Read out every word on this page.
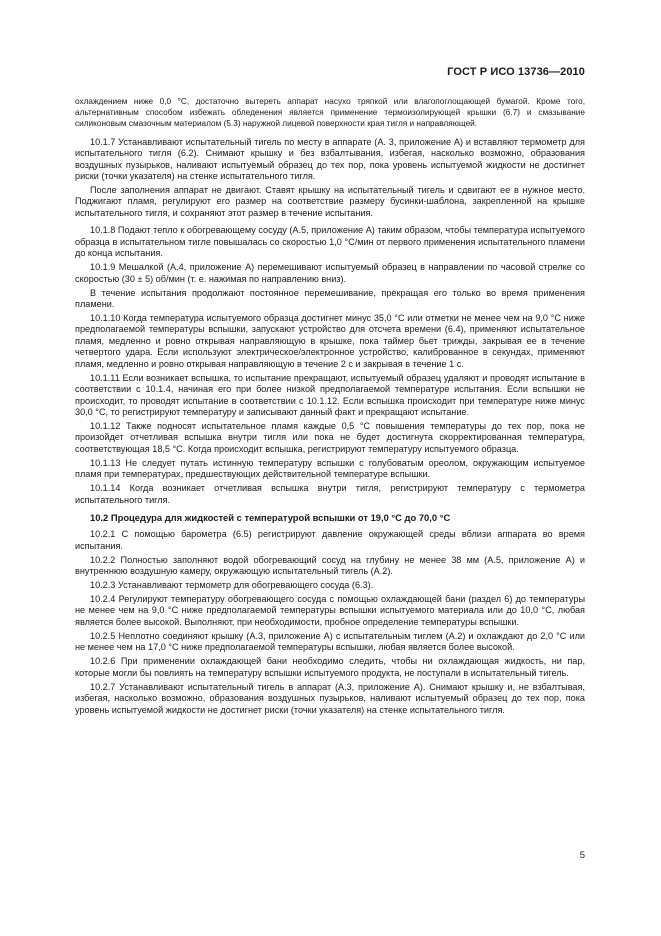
ГОСТ Р ИСО 13736—2010

охлаждением ниже 0,0 °С, достаточно вытереть аппарат насухо тряпкой или влагопоглощающей бумагой. Кроме того, альтернативным способом избежать обледенения является применение термоизолирующей крышки (6.7) и смазывание силиконовым смазочным материалом (5.3) наружной лицевой поверхности края тигля и направляющей.

10.1.7 Устанавливают испытательный тигель по месту в аппарате (А. 3, приложение А) и вставляют термометр для испытательного тигля (6.2). Снимают крышку и без взбалтывания, избегая, насколько возможно, образования воздушных пузырьков, наливают испытуемый образец до тех пор, пока уровень испытуемой жидкости не достигнет риски (точки указателя) на стенке испытательного тигля.

После заполнения аппарат не двигают. Ставят крышку на испытательный тигель и сдвигают ее в нужное место. Поджигают пламя, регулируют его размер на соответствие размеру бусинки-шаблона, закрепленной на крышке испытательного тигля, и сохраняют этот размер в течение испытания.

10.1.8 Подают тепло к обогревающему сосуду (А.5, приложение А) таким образом, чтобы температура испытуемого образца в испытательном тигле повышалась со скоростью 1,0 °С/мин от первого применения испытательного пламени до конца испытания.

10.1.9 Мешалкой (А.4, приложение А) перемешивают испытуемый образец в направлении по часовой стрелке со скоростью (30 ± 5) об/мин (т. е. нажимая по направлению вниз).

В течение испытания продолжают постоянное перемешивание, прекращая его только во время применения пламени.

10.1.10 Когда температура испытуемого образца достигнет минус 35,0 °С или отметки не менее чем на 9,0 °С ниже предполагаемой температуры вспышки, запускают устройство для отсчета времени (6.4), применяют испытательное пламя, медленно и ровно открывая направляющую в крышке, пока таймер бьет трижды, закрывая ее в течение четвертого удара. Если используют электрическое/электронное устройство, калиброванное в секундах, применяют пламя, медленно и ровно открывая направляющую в течение 2 с и закрывая в течение 1 с.

10.1.11 Если возникает вспышка, то испытание прекращают, испытуемый образец удаляют и проводят испытание в соответствии с 10.1.4, начиная его при более низкой предполагаемой температуре испытания. Если вспышки не происходит, то проводят испытание в соответствии с 10.1.12. Если вспышка происходит при температуре ниже минус 30,0 °С, то регистрируют температуру и записывают данный факт и прекращают испытание.

10.1.12 Также подносят испытательное пламя каждые 0,5 °С повышения температуры до тех пор, пока не произойдет отчетливая вспышка внутри тигля или пока не будет достигнута скорректированная температура, соответствующая 18,5 °С. Когда происходит вспышка, регистрируют температуру испытуемого образца.

10.1.13 Не следует путать истинную температуру вспышки с голубоватым ореолом, окружающим испытуемое пламя при температурах, предшествующих действительной температуре вспышки.

10.1.14 Когда возникает отчетливая вспышка внутри тигля, регистрируют температуру с термометра испытательного тигля.

10.2 Процедура для жидкостей с температурой вспышки от 19,0 °С до 70,0 °С

10.2.1 С помощью барометра (6.5) регистрируют давление окружающей среды вблизи аппарата во время испытания.

10.2.2 Полностью заполняют водой обогревающий сосуд на глубину не менее 38 мм (А.5, приложение А) и внутреннюю воздушную камеру, окружающую испытательный тигель (А.2).

10.2.3 Устанавливают термометр для обогревающего сосуда (6.3).

10.2.4 Регулируют температуру обогревающего сосуда с помощью охлаждающей бани (раздел 6) до температуры не менее чем на 9,0 °С ниже предполагаемой температуры вспышки испытуемого материала или до 10,0 °С, любая является более высокой. Выполняют, при необходимости, пробное определение температуры вспышки.

10.2.5 Неплотно соединяют крышку (А.3, приложение А) с испытательным тиглем (А.2) и охлаждают до 2,0 °С или не менее чем на 17,0 °С ниже предполагаемой температуры вспышки, любая является более высокой.

10.2.6 При применении охлаждающей бани необходимо следить, чтобы ни охлаждающая жидкость, ни пар, которые могли бы повлиять на температуру вспышки испытуемого продукта, не поступали в испытательный тигель.

10.2.7 Устанавливают испытательный тигель в аппарат (А.3, приложение А). Снимают крышку и, не взбалтывая, избегая, насколько возможно, образования воздушных пузырьков, наливают испытуемый образец до тех пор, пока уровень испытуемой жидкости не достигнет риски (точки указателя) на стенке испытательного тигля.

5
